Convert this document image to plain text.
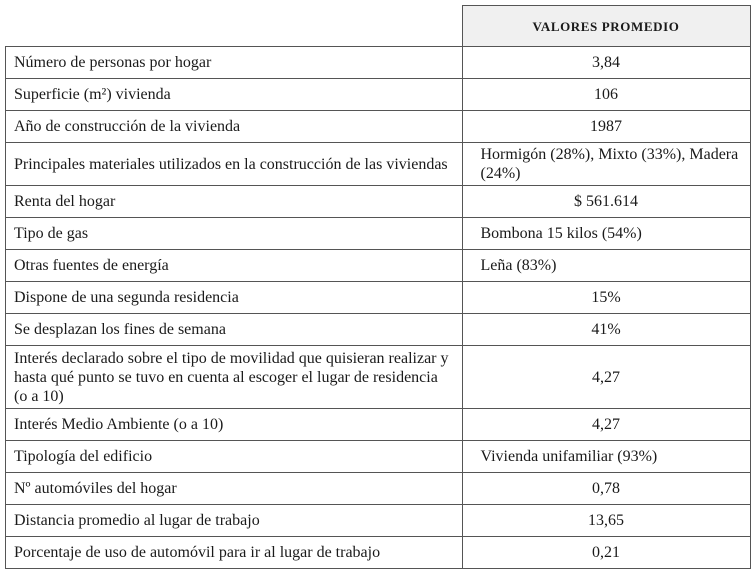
	VALORES PROMEDIO
Número de personas por hogar	3,84
Superficie (m²) vivienda	106
Año de construcción de la vivienda	1987
Principales materiales utilizados en la construcción de las viviendas	Hormigón (28%), Mixto (33%), Madera (24%)
Renta del hogar	$ 561.614
Tipo de gas	Bombona 15 kilos (54%)
Otras fuentes de energía	Leña (83%)
Dispone de una segunda residencia	15%
Se desplazan los fines de semana	41%
Interés declarado sobre el tipo de movilidad que quisieran realizar y hasta qué punto se tuvo en cuenta al escoger el lugar de residencia (o a 10)	4,27
Interés Medio Ambiente (o a 10)	4,27
Tipología del edificio	Vivienda unifamiliar (93%)
Nº automóviles del hogar	0,78
Distancia promedio al lugar de trabajo	13,65
Porcentaje de uso de automóvil para ir al lugar de trabajo	0,21
